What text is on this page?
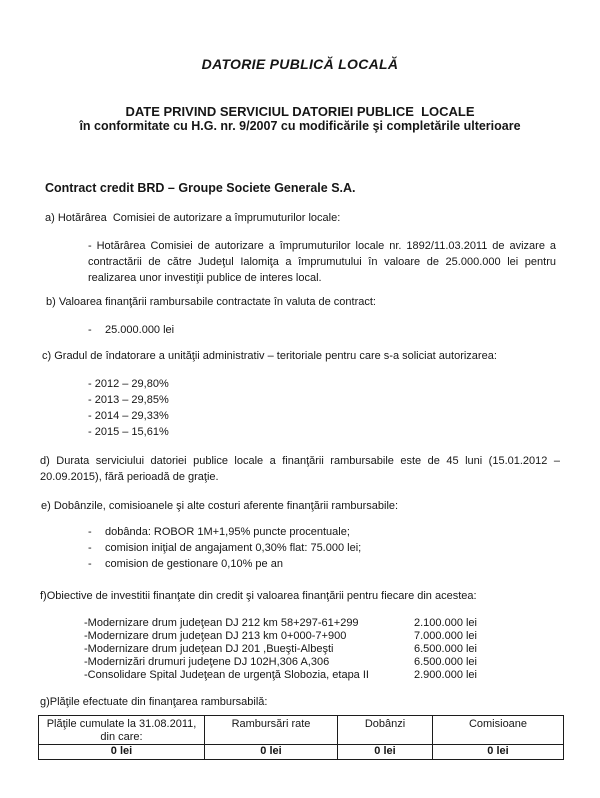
DATORIE PUBLICĂ LOCALĂ
DATE PRIVIND SERVICIUL DATORIEI PUBLICE  LOCALE
în conformitate cu H.G. nr. 9/2007 cu modificările şi completările ulterioare
Contract credit BRD – Groupe Societe Generale S.A.
a) Hotărârea  Comisiei de autorizare a împrumuturilor locale:
- Hotărârea Comisiei de autorizare a împrumuturilor locale nr. 1892/11.03.2011 de avizare a
contractării de către Judeţul Ialomiţa a împrumutului în valoare de 25.000.000 lei pentru
realizarea unor investiţii publice de interes local.
b) Valoarea finanţării rambursabile contractate în valuta de contract:
- 25.000.000 lei
c) Gradul de îndatorare a unităţii administrativ – teritoriale pentru care s-a soliciat autorizarea:
- 2012 – 29,80%
- 2013 – 29,85%
- 2014 – 29,33%
- 2015 – 15,61%
d) Durata serviciului datoriei publice locale a finanţării rambursabile este de 45 luni (15.01.2012 –
20.09.2015), fără perioadă de graţie.
e) Dobânzile, comisioanele şi alte costuri aferente finanţării rambursabile:
- dobânda: ROBOR 1M+1,95% puncte procentuale;
- comision iniţial de angajament 0,30% flat: 75.000 lei;
- comision de gestionare 0,10% pe an
f)Obiective de investitii finanţate din credit şi valoarea finanţării pentru fiecare din acestea:
-Modernizare drum judeţean DJ 212 km 58+297-61+299	2.100.000 lei
-Modernizare drum judeţean DJ 213 km 0+000-7+900	7.000.000 lei
-Modernizare drum judeţean DJ 201 ,Bueşti-Albeşti	6.500.000 lei
-Modernizări drumuri judeţene DJ 102H,306 A,306	6.500.000 lei
-Consolidare Spital Judeţean de urgenţă Slobozia, etapa II	2.900.000 lei
g)Plăţile efectuate din finanţarea rambursabilă:
Plăţile cumulate la 31.08.2011, din care:	Rambursări rate	Dobânzi	Comisioane
0 lei	0 lei	0 lei	0 lei
